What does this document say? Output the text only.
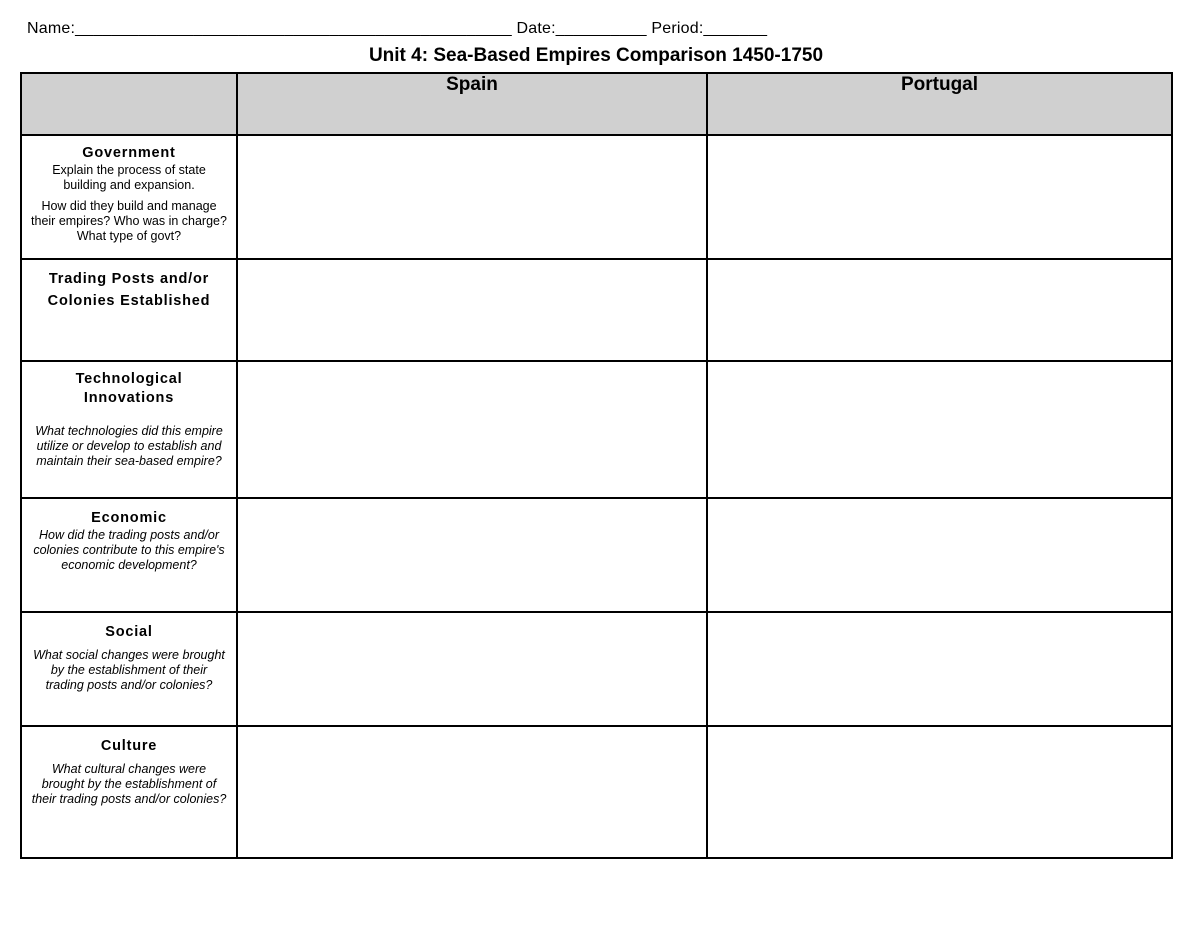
Name:________________________________________________ Date:__________ Period:_______
Unit 4: Sea-Based Empires Comparison 1450-1750
	Spain	Portugal

Government
Explain the process of state building and expansion.
How did they build and manage their empires? Who was in charge? What type of govt?		

Trading Posts and/or Colonies Established		

Technological Innovations
What technologies did this empire utilize or develop to establish and maintain their sea-based empire?		

Economic
How did the trading posts and/or colonies contribute to this empire's economic development?		

Social
What social changes were brought by the establishment of their trading posts and/or colonies?		

Culture
What cultural changes were brought by the establishment of their trading posts and/or colonies?		
